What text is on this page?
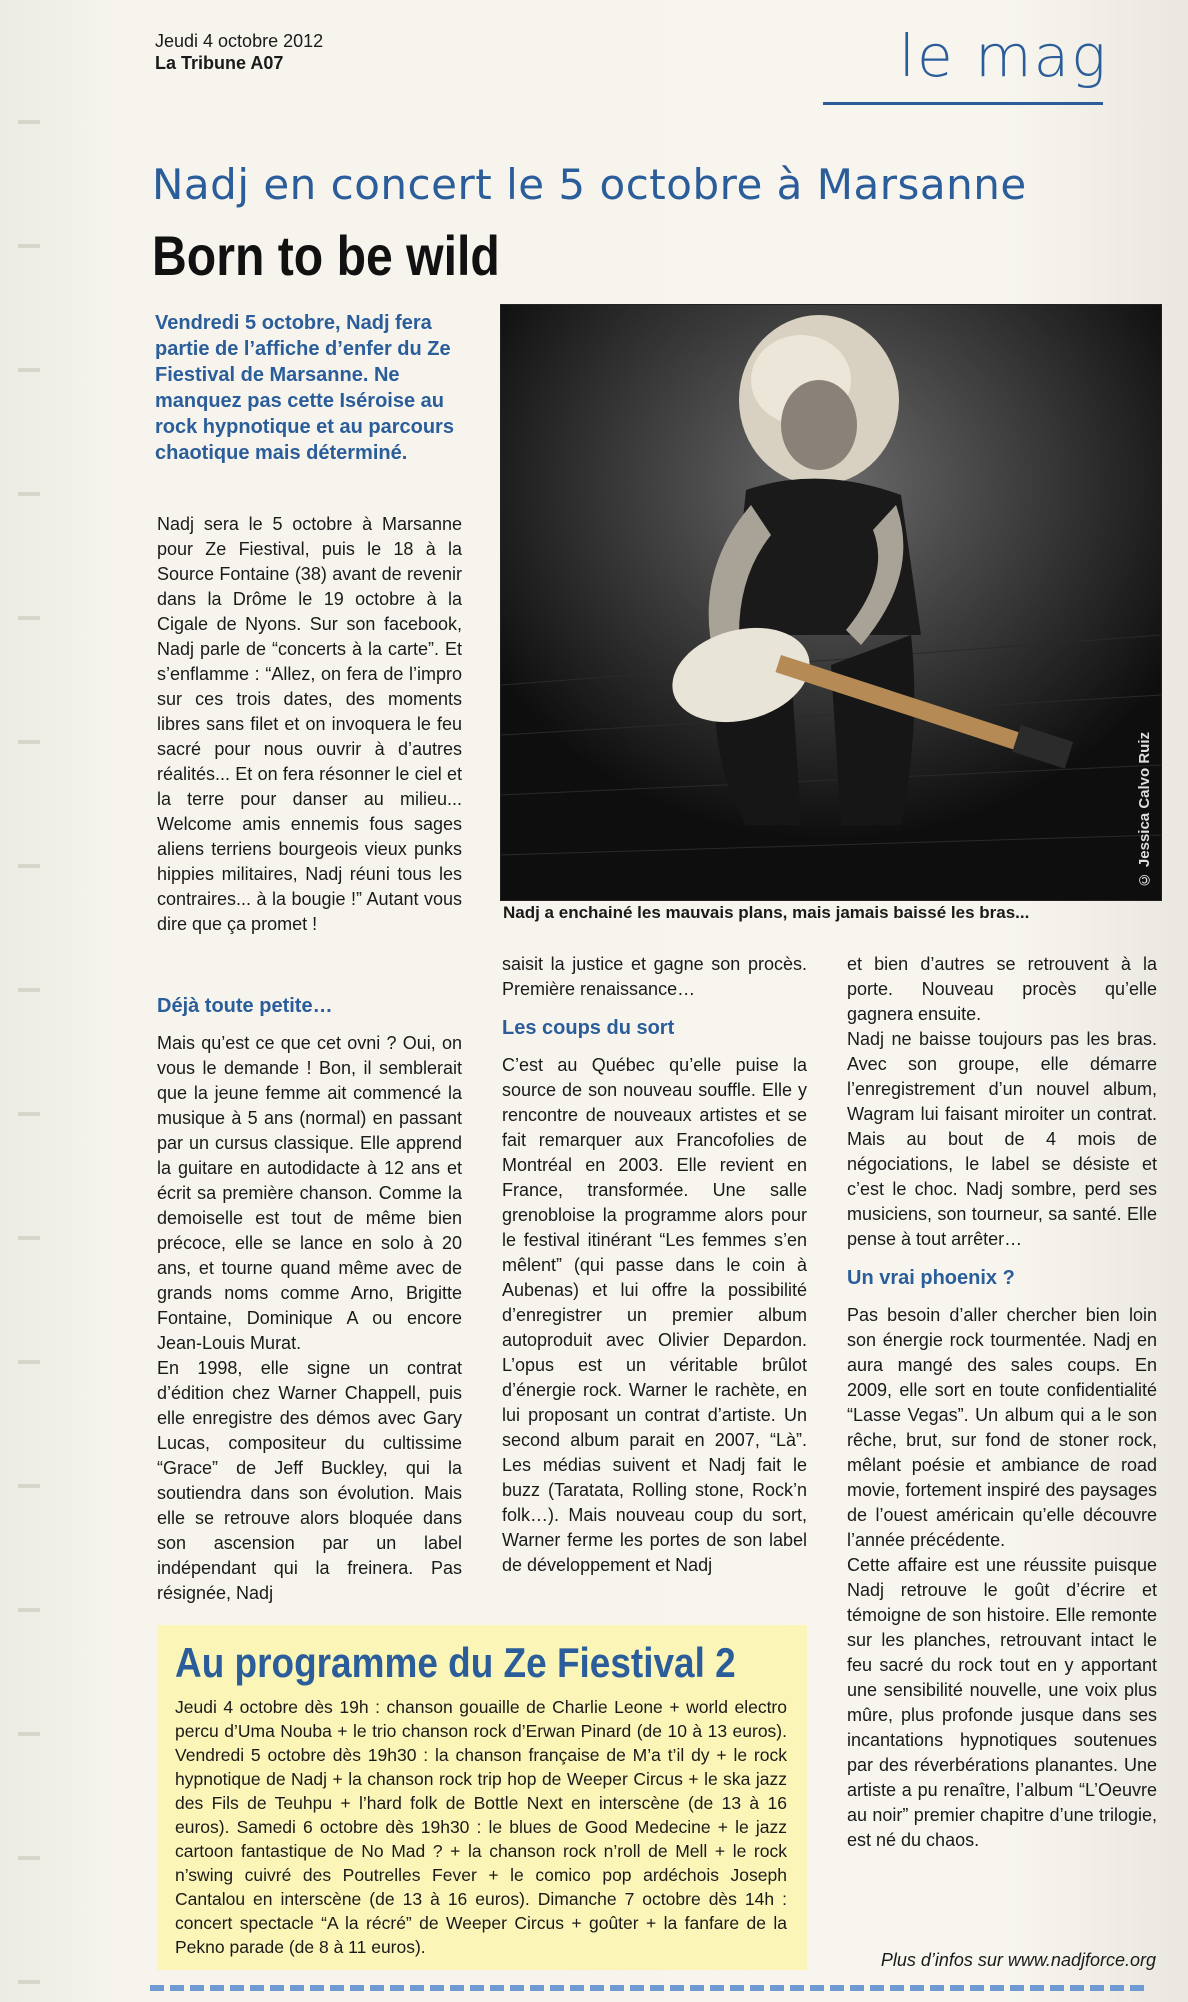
Jeudi 4 octobre 2012
La Tribune A07	le mag
Nadj en concert le 5 octobre à Marsanne
Born to be wild
Vendredi 5 octobre, Nadj fera partie de l’affiche d’enfer du Ze Fiestival de Marsanne. Ne manquez pas cette Iséroise au rock hypnotique et au parcours chaotique mais déterminé.
© Jessica Calvo Ruiz
Nadj a enchainé les mauvais plans, mais jamais baissé les bras...

Nadj sera le 5 octobre à Marsanne pour Ze Fiestival, puis le 18 à la Source Fontaine (38) avant de revenir dans la Drôme le 19 octobre à la Cigale de Nyons. Sur son facebook, Nadj parle de “concerts à la carte”. Et s’enflamme : “Allez, on fera de l’impro sur ces trois dates, des moments libres sans filet et on invoquera le feu sacré pour nous ouvrir à d’autres réalités... Et on fera résonner le ciel et la terre pour danser au milieu... Welcome amis ennemis fous sages aliens terriens bourgeois vieux punks hippies militaires, Nadj réuni tous les contraires... à la bougie !” Autant vous dire que ça promet !

Déjà toute petite…

Mais qu’est ce que cet ovni ? Oui, on vous le demande ! Bon, il semblerait que la jeune femme ait commencé la musique à 5 ans (normal) en passant par un cursus classique. Elle apprend la guitare en autodidacte à 12 ans et écrit sa première chanson. Comme la demoiselle est tout de même bien précoce, elle se lance en solo à 20 ans, et tourne quand même avec de grands noms comme Arno, Brigitte Fontaine, Dominique A ou encore Jean-Louis Murat.

En 1998, elle signe un contrat d’édition chez Warner Chappell, puis elle enregistre des démos avec Gary Lucas, compositeur du cultissime “Grace” de Jeff Buckley, qui la soutiendra dans son évolution. Mais elle se retrouve alors bloquée dans son ascension par un label indépendant qui la freinera. Pas résignée, Nadj

saisit la justice et gagne son procès. Première renaissance…

Les coups du sort

C’est au Québec qu’elle puise la source de son nouveau souffle. Elle y rencontre de nouveaux artistes et se fait remarquer aux Francofolies de Montréal en 2003. Elle revient en France, transformée. Une salle grenobloise la programme alors pour le festival itinérant “Les femmes s’en mêlent” (qui passe dans le coin à Aubenas) et lui offre la possibilité d’enregistrer un premier album autoproduit avec Olivier Depardon. L’opus est un véritable brûlot d’énergie rock. Warner le rachète, en lui proposant un contrat d’artiste. Un second album parait en 2007, “Là”. Les médias suivent et Nadj fait le buzz (Taratata, Rolling stone, Rock’n folk…). Mais nouveau coup du sort, Warner ferme les portes de son label de développement et Nadj

et bien d’autres se retrouvent à la porte. Nouveau procès qu’elle gagnera ensuite.

Nadj ne baisse toujours pas les bras. Avec son groupe, elle démarre l’enregistrement d’un nouvel album, Wagram lui faisant miroiter un contrat. Mais au bout de 4 mois de négociations, le label se désiste et c’est le choc. Nadj sombre, perd ses musiciens, son tourneur, sa santé. Elle pense à tout arrêter…

Un vrai phoenix ?

Pas besoin d’aller chercher bien loin son énergie rock tourmentée. Nadj en aura mangé des sales coups. En 2009, elle sort en toute confidentialité “Lasse Vegas”. Un album qui a le son rêche, brut, sur fond de stoner rock, mêlant poésie et ambiance de road movie, fortement inspiré des paysages de l’ouest américain qu’elle découvre l’année précédente.

Cette affaire est une réussite puisque Nadj retrouve le goût d’écrire et témoigne de son histoire. Elle remonte sur les planches, retrouvant intact le feu sacré du rock tout en y apportant une sensibilité nouvelle, une voix plus mûre, plus profonde jusque dans ses incantations hypnotiques soutenues par des réverbérations planantes. Une artiste a pu renaître, l’album “L’Oeuvre au noir” premier chapitre d’une trilogie, est né du chaos.

Au programme du Ze Fiestival 2
Jeudi 4 octobre dès 19h : chanson gouaille de Charlie Leone + world electro percu d’Uma Nouba + le trio chanson rock d’Erwan Pinard (de 10 à 13 euros). Vendredi 5 octobre dès 19h30 : la chanson française de M’a t’il dy + le rock hypnotique de Nadj + la chanson rock trip hop de Weeper Circus + le ska jazz des Fils de Teuhpu + l’hard folk de Bottle Next en interscène (de 13 à 16 euros). Samedi 6 octobre dès 19h30 : le blues de Good Medecine + le jazz cartoon fantastique de No Mad ? + la chanson rock n’roll de Mell + le rock n’swing cuivré des Poutrelles Fever + le comico pop ardéchois Joseph Cantalou en interscène (de 13 à 16 euros). Dimanche 7 octobre dès 14h : concert spectacle “A la récré” de Weeper Circus + goûter + la fanfare de la Pekno parade (de 8 à 11 euros).
Plus d’infos sur www.nadjforce.org
